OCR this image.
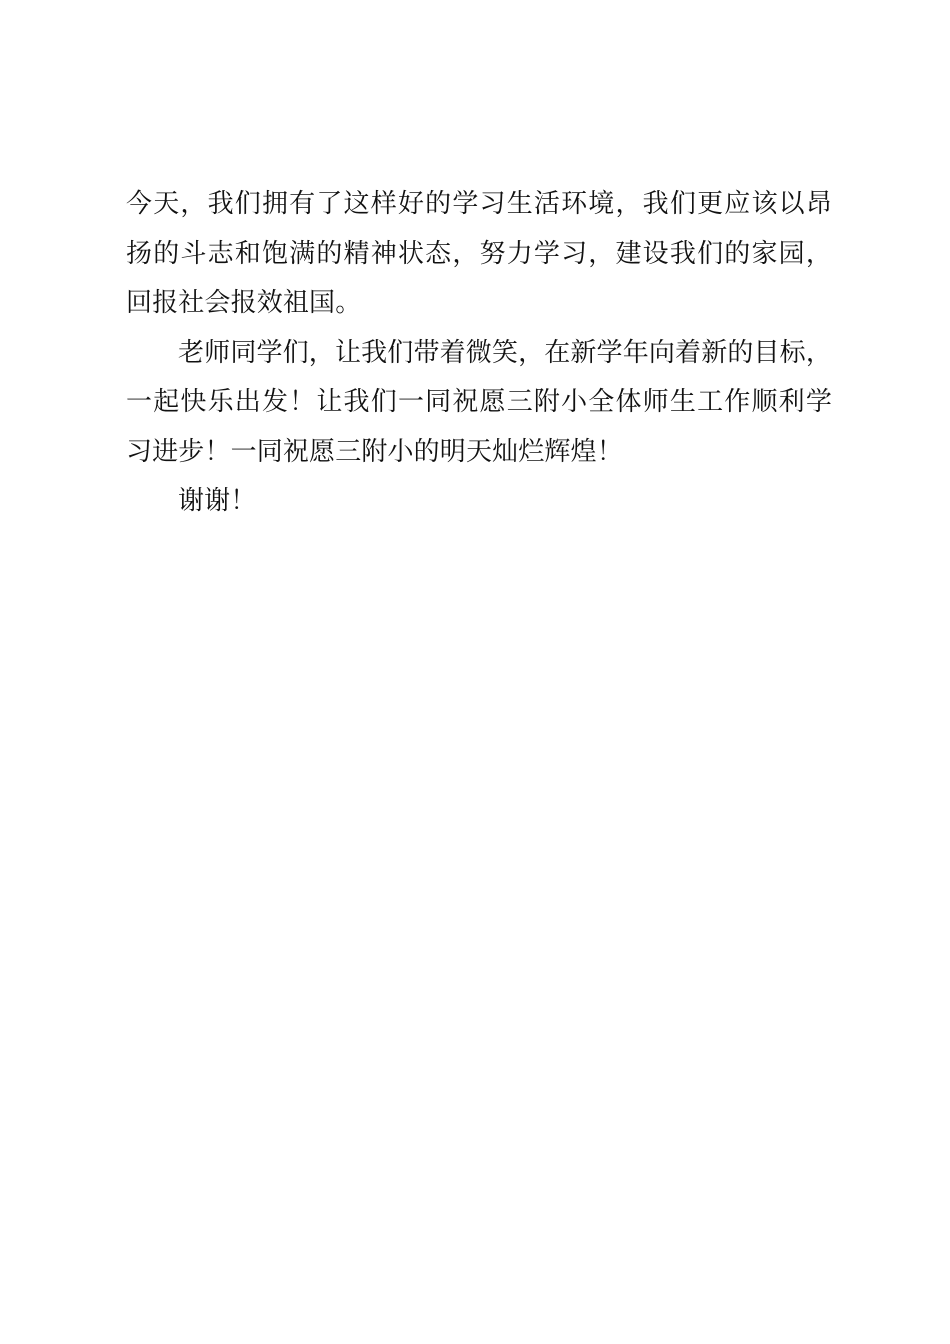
今天，我们拥有了这样好的学习生活环境，我们更应该以昂扬的斗志和饱满的精神状态，努力学习，建设我们的家园，回报社会报效祖国。

老师同学们，让我们带着微笑，在新学年向着新的目标，一起快乐出发！让我们一同祝愿三附小全体师生工作顺利学习进步！一同祝愿三附小的明天灿烂辉煌！

谢谢！
